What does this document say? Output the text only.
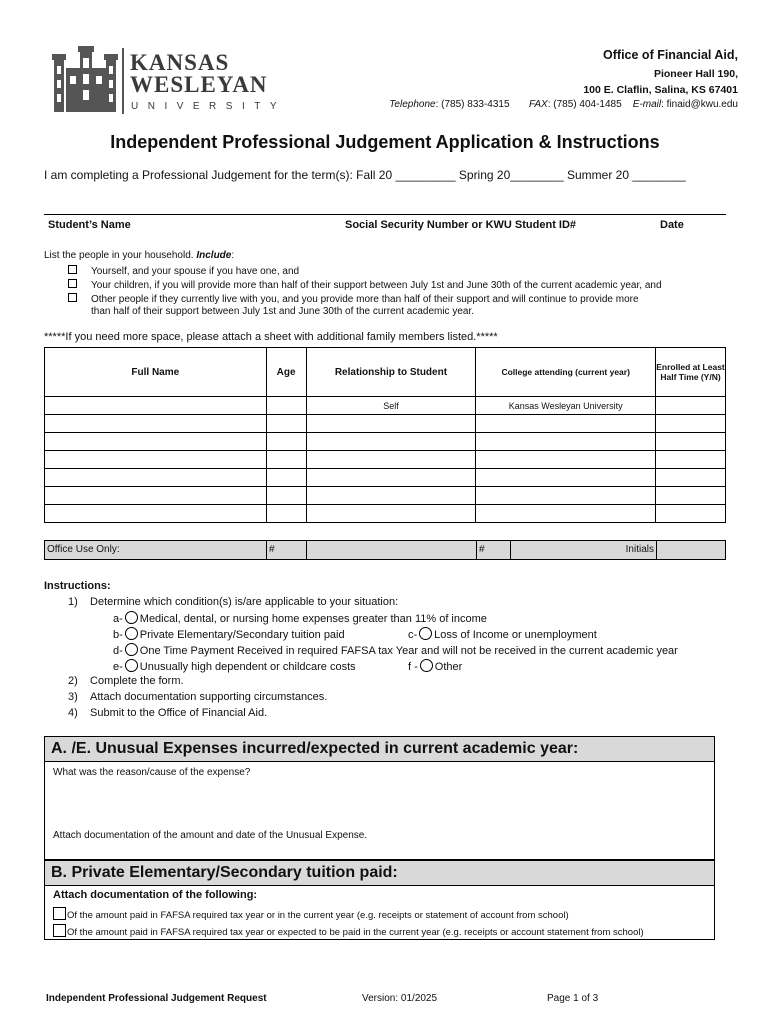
KANSAS
WESLEYAN
UNIVERSITY
Office of Financial Aid,
Pioneer Hall 190,
100 E. Claflin, Salina, KS 67401
Telephone: (785) 833-4315 FAX: (785) 404-1485 E-mail: finaid@kwu.edu
Independent Professional Judgement Application & Instructions
I am completing a Professional Judgement for the term(s): Fall 20 _________ Spring 20________ Summer 20 ________
Student’s Name	Social Security Number or KWU Student ID#	Date
List the people in your household. Include:
Yourself, and your spouse if you have one, and
Your children, if you will provide more than half of their support between July 1st and June 30th of the current academic year, and
Other people if they currently live with you, and you provide more than half of their support and will continue to provide more
than half of their support between July 1st and June 30th of the current academic year.
*****If you need more space, please attach a sheet with additional family members listed.*****
Full Name	Age	Relationship to Student	College attending (current year)	Enrolled at Least Half Time (Y/N)
		Self	Kansas Wesleyan University	

Office Use Only:	#	#	Initials
Instructions:
1)    Determine which condition(s) is/are applicable to your situation:
a- Medical, dental, or nursing home expenses greater than 11% of income
b- Private Elementary/Secondary tuition paid	c- Loss of Income or unemployment
d- One Time Payment Received in required FAFSA tax Year and will not be received in the current academic year
e- Unusually high dependent or childcare costs	f - Other
2)    Complete the form.
3)    Attach documentation supporting circumstances.
4)    Submit to the Office of Financial Aid.
A. /E. Unusual Expenses incurred/expected in current academic year:
What was the reason/cause of the expense?
Attach documentation of the amount and date of the Unusual Expense.
B. Private Elementary/Secondary tuition paid:
Attach documentation of the following:
Of the amount paid in FAFSA required tax year or in the current year (e.g. receipts or statement of account from school)
Of the amount paid in FAFSA required tax year or expected to be paid in the current year (e.g. receipts or account statement from school)
Independent Professional Judgement Request	Version: 01/2025	Page 1 of 3
